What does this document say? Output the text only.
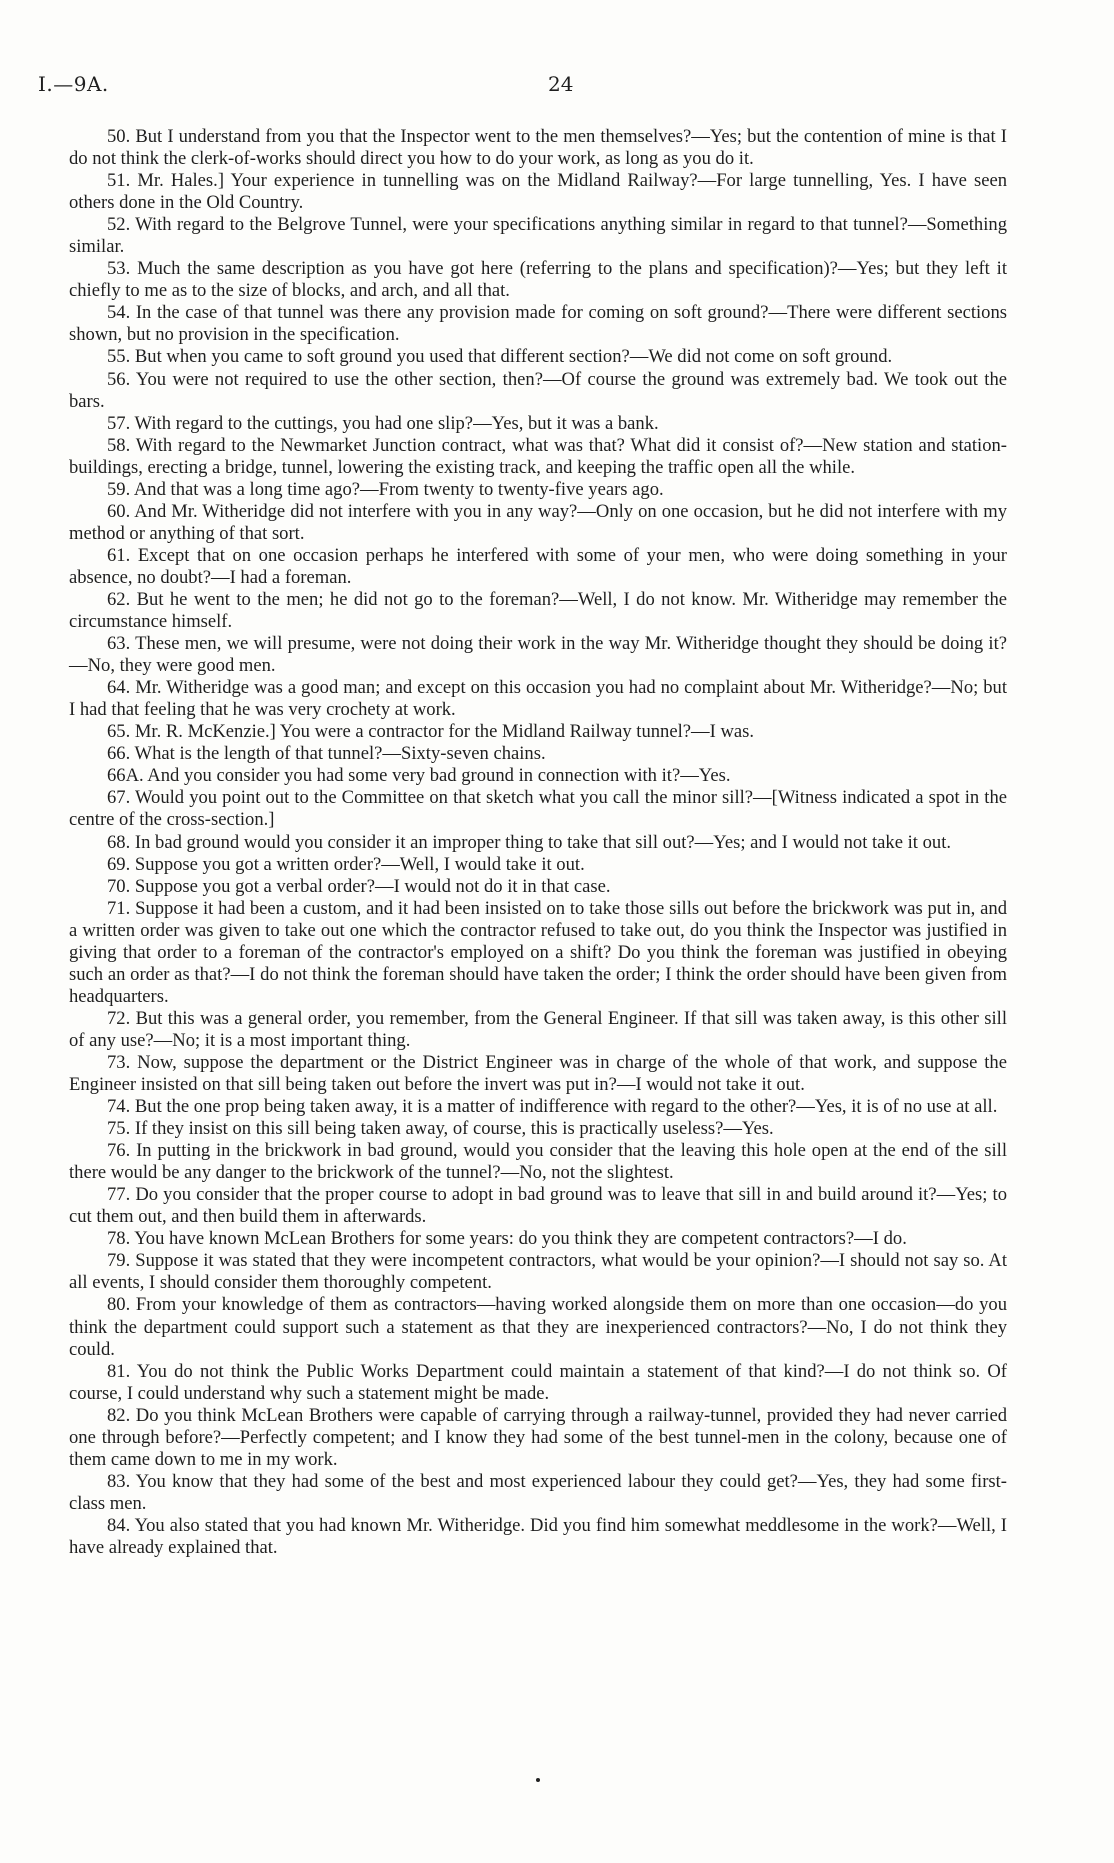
I.—9A.	24

50. But I understand from you that the Inspector went to the men themselves?—Yes; but the contention of mine is that I do not think the clerk-of-works should direct you how to do your work, as long as you do it.

51. Mr. Hales.] Your experience in tunnelling was on the Midland Railway?—For large tunnelling, Yes. I have seen others done in the Old Country.

52. With regard to the Belgrove Tunnel, were your specifications anything similar in regard to that tunnel?—Something similar.

53. Much the same description as you have got here (referring to the plans and specification)?—Yes; but they left it chiefly to me as to the size of blocks, and arch, and all that.

54. In the case of that tunnel was there any provision made for coming on soft ground?—There were different sections shown, but no provision in the specification.

55. But when you came to soft ground you used that different section?—We did not come on soft ground.

56. You were not required to use the other section, then?—Of course the ground was extremely bad. We took out the bars.

57. With regard to the cuttings, you had one slip?—Yes, but it was a bank.

58. With regard to the Newmarket Junction contract, what was that? What did it consist of?—New station and station-buildings, erecting a bridge, tunnel, lowering the existing track, and keeping the traffic open all the while.

59. And that was a long time ago?—From twenty to twenty-five years ago.

60. And Mr. Witheridge did not interfere with you in any way?—Only on one occasion, but he did not interfere with my method or anything of that sort.

61. Except that on one occasion perhaps he interfered with some of your men, who were doing something in your absence, no doubt?—I had a foreman.

62. But he went to the men; he did not go to the foreman?—Well, I do not know. Mr. Witheridge may remember the circumstance himself.

63. These men, we will presume, were not doing their work in the way Mr. Witheridge thought they should be doing it?—No, they were good men.

64. Mr. Witheridge was a good man; and except on this occasion you had no complaint about Mr. Witheridge?—No; but I had that feeling that he was very crochety at work.

65. Mr. R. McKenzie.] You were a contractor for the Midland Railway tunnel?—I was.

66. What is the length of that tunnel?—Sixty-seven chains.

66A. And you consider you had some very bad ground in connection with it?—Yes.

67. Would you point out to the Committee on that sketch what you call the minor sill?—[Witness indicated a spot in the centre of the cross-section.]

68. In bad ground would you consider it an improper thing to take that sill out?—Yes; and I would not take it out.

69. Suppose you got a written order?—Well, I would take it out.

70. Suppose you got a verbal order?—I would not do it in that case.

71. Suppose it had been a custom, and it had been insisted on to take those sills out before the brickwork was put in, and a written order was given to take out one which the contractor refused to take out, do you think the Inspector was justified in giving that order to a foreman of the contractor's employed on a shift? Do you think the foreman was justified in obeying such an order as that?—I do not think the foreman should have taken the order; I think the order should have been given from headquarters.

72. But this was a general order, you remember, from the General Engineer. If that sill was taken away, is this other sill of any use?—No; it is a most important thing.

73. Now, suppose the department or the District Engineer was in charge of the whole of that work, and suppose the Engineer insisted on that sill being taken out before the invert was put in?—I would not take it out.

74. But the one prop being taken away, it is a matter of indifference with regard to the other?—Yes, it is of no use at all.

75. If they insist on this sill being taken away, of course, this is practically useless?—Yes.

76. In putting in the brickwork in bad ground, would you consider that the leaving this hole open at the end of the sill there would be any danger to the brickwork of the tunnel?—No, not the slightest.

77. Do you consider that the proper course to adopt in bad ground was to leave that sill in and build around it?—Yes; to cut them out, and then build them in afterwards.

78. You have known McLean Brothers for some years: do you think they are competent contractors?—I do.

79. Suppose it was stated that they were incompetent contractors, what would be your opinion?—I should not say so. At all events, I should consider them thoroughly competent.

80. From your knowledge of them as contractors—having worked alongside them on more than one occasion—do you think the department could support such a statement as that they are inexperienced contractors?—No, I do not think they could.

81. You do not think the Public Works Department could maintain a statement of that kind?—I do not think so. Of course, I could understand why such a statement might be made.

82. Do you think McLean Brothers were capable of carrying through a railway-tunnel, provided they had never carried one through before?—Perfectly competent; and I know they had some of the best tunnel-men in the colony, because one of them came down to me in my work.

83. You know that they had some of the best and most experienced labour they could get?—Yes, they had some first-class men.

84. You also stated that you had known Mr. Witheridge. Did you find him somewhat meddlesome in the work?—Well, I have already explained that.
